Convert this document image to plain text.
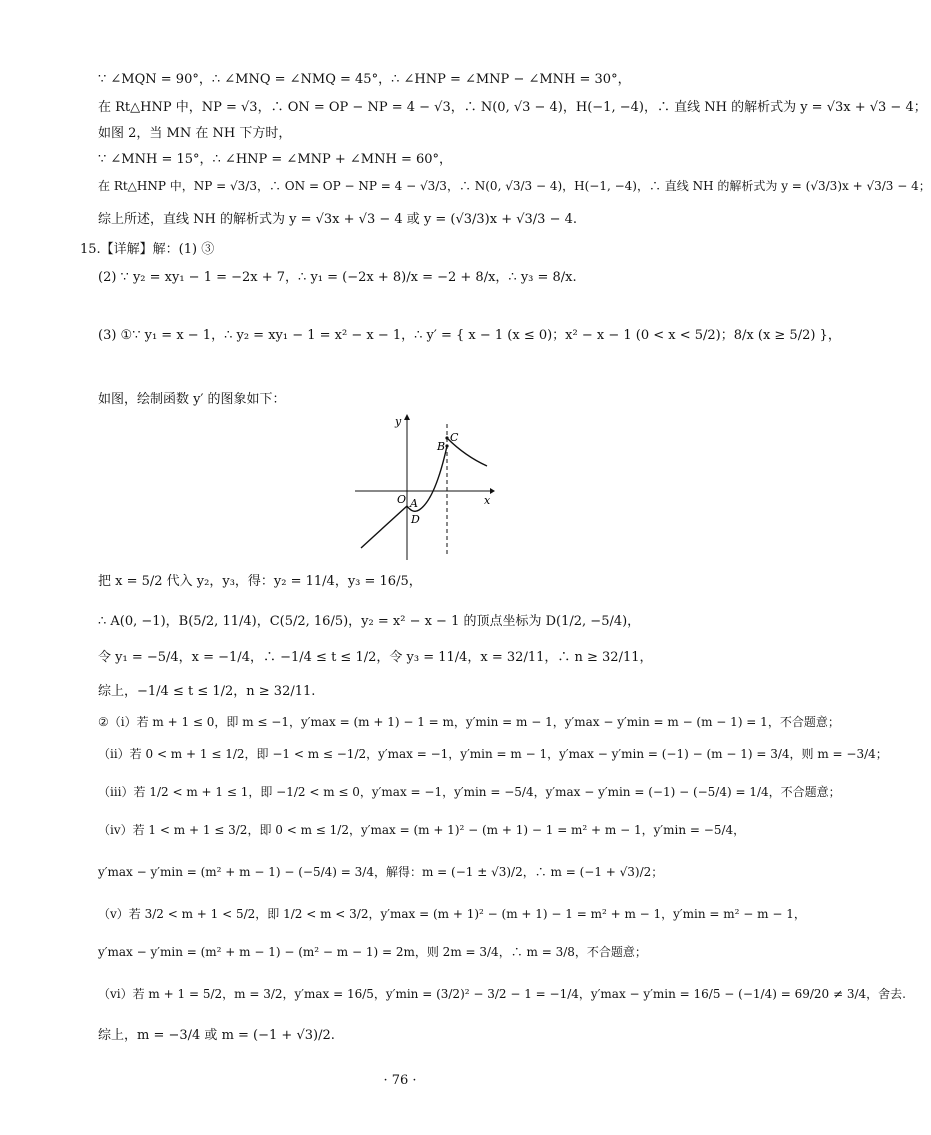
∵ ∠MQN = 90°，∴ ∠MNQ = ∠NMQ = 45°，∴ ∠HNP = ∠MNP − ∠MNH = 30°，
在 Rt△HNP 中，NP = √3，∴ ON = OP − NP = 4 − √3，∴ N(0, √3 − 4)，H(−1, −4)，∴ 直线 NH 的解析式为 y = √3x + √3 − 4；
如图 2，当 MN 在 NH 下方时，
∵ ∠MNH = 15°，∴ ∠HNP = ∠MNP + ∠MNH = 60°，
在 Rt△HNP 中，NP = √3/3，∴ ON = OP − NP = 4 − √3/3，∴ N(0, √3/3 − 4)，H(−1, −4)，∴ 直线 NH 的解析式为 y = (√3/3)x + √3/3 − 4；
综上所述，直线 NH 的解析式为 y = √3x + √3 − 4 或 y = (√3/3)x + √3/3 − 4.
15.【详解】解：(1) ③
(2) ∵ y₂ = xy₁ − 1 = −2x + 7，∴ y₁ = (−2x + 8)/x = −2 + 8/x，∴ y₃ = 8/x.
(3) ①∵ y₁ = x − 1，∴ y₂ = xy₁ − 1 = x² − x − 1，∴ y′ = { x − 1 (x ≤ 0)；x² − x − 1 (0 < x < 5/2)；8/x (x ≥ 5/2) }，
如图，绘制函数 y′ 的图象如下：
y
x
O A
B
C
D
把 x = 5/2 代入 y₂，y₃，得：y₂ = 11/4，y₃ = 16/5，
∴ A(0, −1)，B(5/2, 11/4)，C(5/2, 16/5)，y₂ = x² − x − 1 的顶点坐标为 D(1/2, −5/4)，
令 y₁ = −5/4，x = −1/4，∴ −1/4 ≤ t ≤ 1/2，令 y₃ = 11/4，x = 32/11，∴ n ≥ 32/11，
综上，−1/4 ≤ t ≤ 1/2，n ≥ 32/11.
②（ⅰ）若 m + 1 ≤ 0，即 m ≤ −1，y′max = (m + 1) − 1 = m，y′min = m − 1，y′max − y′min = m − (m − 1) = 1，不合题意；
（ⅱ）若 0 < m + 1 ≤ 1/2，即 −1 < m ≤ −1/2，y′max = −1，y′min = m − 1，y′max − y′min = (−1) − (m − 1) = 3/4，则 m = −3/4；
（ⅲ）若 1/2 < m + 1 ≤ 1，即 −1/2 < m ≤ 0，y′max = −1，y′min = −5/4，y′max − y′min = (−1) − (−5/4) = 1/4，不合题意；
（ⅳ）若 1 < m + 1 ≤ 3/2，即 0 < m ≤ 1/2，y′max = (m + 1)² − (m + 1) − 1 = m² + m − 1，y′min = −5/4，
y′max − y′min = (m² + m − 1) − (−5/4) = 3/4，解得：m = (−1 ± √3)/2，∴ m = (−1 + √3)/2；
（ⅴ）若 3/2 < m + 1 < 5/2，即 1/2 < m < 3/2，y′max = (m + 1)² − (m + 1) − 1 = m² + m − 1，y′min = m² − m − 1，
y′max − y′min = (m² + m − 1) − (m² − m − 1) = 2m，则 2m = 3/4，∴ m = 3/8，不合题意；
（ⅵ）若 m + 1 = 5/2，m = 3/2，y′max = 16/5，y′min = (3/2)² − 3/2 − 1 = −1/4，y′max − y′min = 16/5 − (−1/4) = 69/20 ≠ 3/4，舍去.
综上，m = −3/4 或 m = (−1 + √3)/2.
· 76 ·
